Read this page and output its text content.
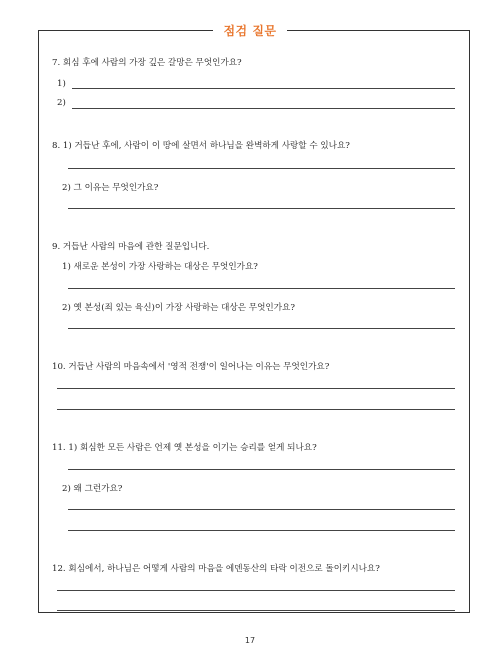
점검 질문
7. 회심 후에 사람의 가장 깊은 갈망은 무엇인가요?
1)
2)
8. 1) 거듭난 후에, 사람이 이 땅에 살면서 하나님을 완벽하게 사랑할 수 있나요?
2) 그 이유는 무엇인가요?
9. 거듭난 사람의 마음에 관한 질문입니다.
1) 새로운 본성이 가장 사랑하는 대상은 무엇인가요?
2) 옛 본성(죄 있는 육신)이 가장 사랑하는 대상은 무엇인가요?
10. 거듭난 사람의 마음속에서 '영적 전쟁'이 일어나는 이유는 무엇인가요?
11. 1) 회심한 모든 사람은 언제 옛 본성을 이기는 승리를 얻게 되나요?
2) 왜 그런가요?
12. 회심에서, 하나님은 어떻게 사람의 마음을 에덴동산의 타락 이전으로 돌이키시나요?
17
